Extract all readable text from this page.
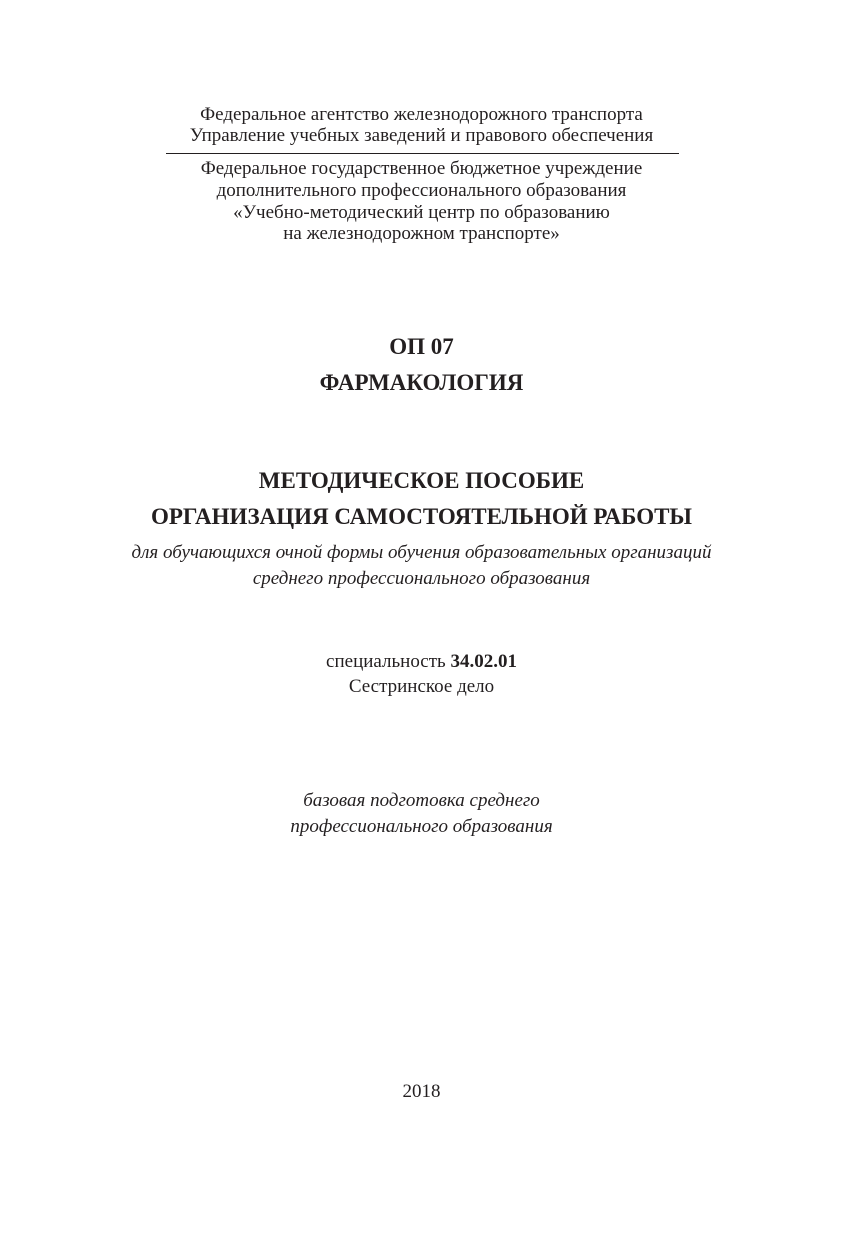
Федеральное агентство железнодорожного транспорта
Управление учебных заведений и правового обеспечения
Федеральное государственное бюджетное учреждение
дополнительного профессионального образования
«Учебно-методический центр по образованию
на железнодорожном транспорте»
ОП 07
ФАРМАКОЛОГИЯ
МЕТОДИЧЕСКОЕ ПОСОБИЕ
ОРГАНИЗАЦИЯ САМОСТОЯТЕЛЬНОЙ РАБОТЫ
для обучающихся очной формы обучения образовательных организаций
среднего профессионального образования
специальность 34.02.01
Сестринское дело
базовая подготовка среднего
профессионального образования
2018
